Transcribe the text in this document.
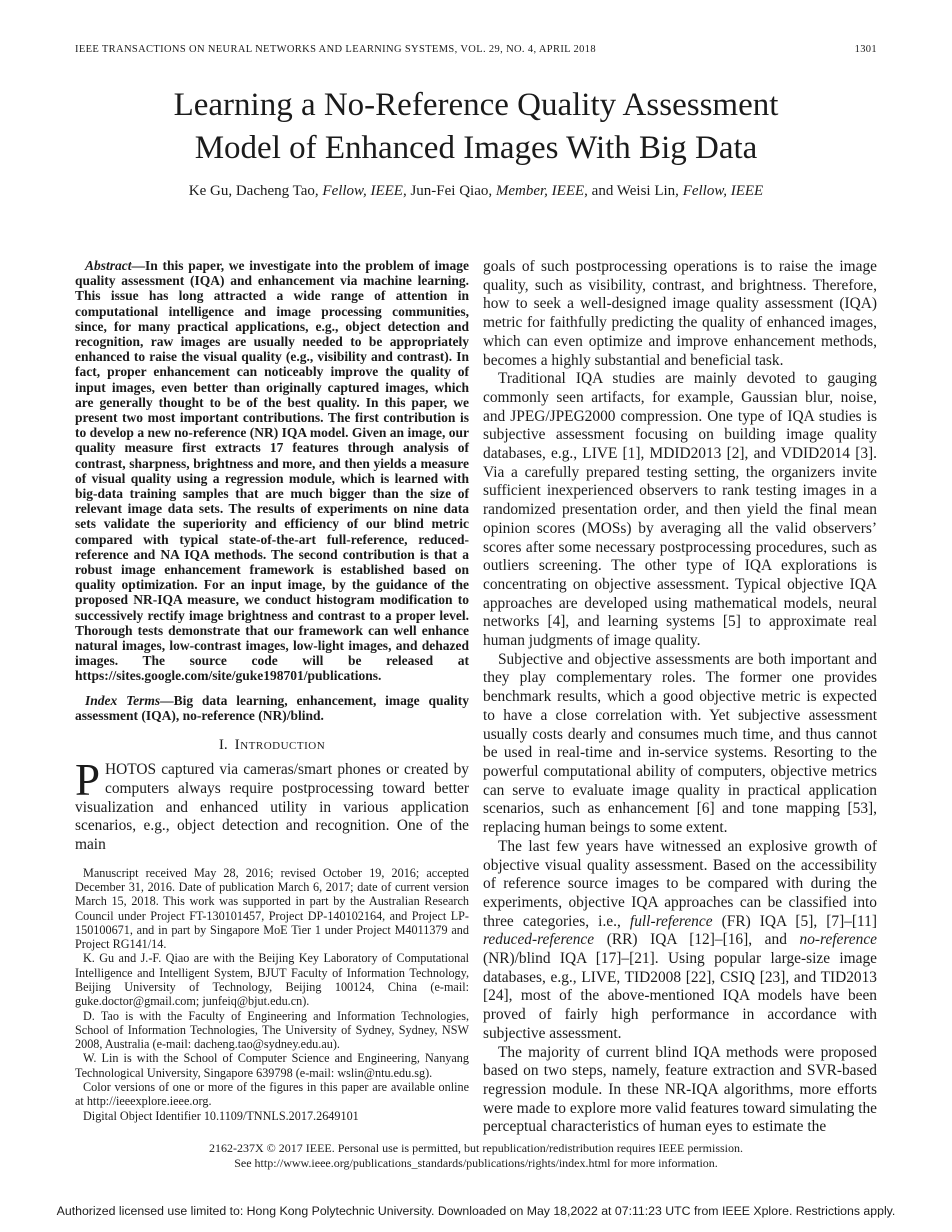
IEEE TRANSACTIONS ON NEURAL NETWORKS AND LEARNING SYSTEMS, VOL. 29, NO. 4, APRIL 2018	1301
Learning a No-Reference Quality Assessment
Model of Enhanced Images With Big Data
Ke Gu, Dacheng Tao, Fellow, IEEE, Jun-Fei Qiao, Member, IEEE, and Weisi Lin, Fellow, IEEE

Abstract—In this paper, we investigate into the problem of image quality assessment (IQA) and enhancement via machine learning. This issue has long attracted a wide range of attention in computational intelligence and image processing communities, since, for many practical applications, e.g., object detection and recognition, raw images are usually needed to be appropriately enhanced to raise the visual quality (e.g., visibility and contrast). In fact, proper enhancement can noticeably improve the quality of input images, even better than originally captured images, which are generally thought to be of the best quality. In this paper, we present two most important contributions. The first contribution is to develop a new no-reference (NR) IQA model. Given an image, our quality measure first extracts 17 features through analysis of contrast, sharpness, brightness and more, and then yields a measure of visual quality using a regression module, which is learned with big-data training samples that are much bigger than the size of relevant image data sets. The results of experiments on nine data sets validate the superiority and efficiency of our blind metric compared with typical state-of-the-art full-reference, reduced-reference and NA IQA methods. The second contribution is that a robust image enhancement framework is established based on quality optimization. For an input image, by the guidance of the proposed NR-IQA measure, we conduct histogram modification to successively rectify image brightness and contrast to a proper level. Thorough tests demonstrate that our framework can well enhance natural images, low-contrast images, low-light images, and dehazed images. The source code will be released at https://sites.google.com/site/guke198701/publications.

Index Terms—Big data learning, enhancement, image quality assessment (IQA), no-reference (NR)/blind.

I. Introduction

PHOTOS captured via cameras/smart phones or created by computers always require postprocessing toward better visualization and enhanced utility in various application scenarios, e.g., object detection and recognition. One of the main

Manuscript received May 28, 2016; revised October 19, 2016; accepted December 31, 2016. Date of publication March 6, 2017; date of current version March 15, 2018. This work was supported in part by the Australian Research Council under Project FT-130101457, Project DP-140102164, and Project LP-150100671, and in part by Singapore MoE Tier 1 under Project M4011379 and Project RG141/14.

K. Gu and J.-F. Qiao are with the Beijing Key Laboratory of Computational Intelligence and Intelligent System, BJUT Faculty of Information Technology, Beijing University of Technology, Beijing 100124, China (e-mail: guke.doctor@gmail.com; junfeiq@bjut.edu.cn).

D. Tao is with the Faculty of Engineering and Information Technologies, School of Information Technologies, The University of Sydney, Sydney, NSW 2008, Australia (e-mail: dacheng.tao@sydney.edu.au).

W. Lin is with the School of Computer Science and Engineering, Nanyang Technological University, Singapore 639798 (e-mail: wslin@ntu.edu.sg).

Color versions of one or more of the figures in this paper are available online at http://ieeexplore.ieee.org.

Digital Object Identifier 10.1109/TNNLS.2017.2649101

goals of such postprocessing operations is to raise the image quality, such as visibility, contrast, and brightness. Therefore, how to seek a well-designed image quality assessment (IQA) metric for faithfully predicting the quality of enhanced images, which can even optimize and improve enhancement methods, becomes a highly substantial and beneficial task.

Traditional IQA studies are mainly devoted to gauging commonly seen artifacts, for example, Gaussian blur, noise, and JPEG/JPEG2000 compression. One type of IQA studies is subjective assessment focusing on building image quality databases, e.g., LIVE [1], MDID2013 [2], and VDID2014 [3]. Via a carefully prepared testing setting, the organizers invite sufficient inexperienced observers to rank testing images in a randomized presentation order, and then yield the final mean opinion scores (MOSs) by averaging all the valid observers’ scores after some necessary postprocessing procedures, such as outliers screening. The other type of IQA explorations is concentrating on objective assessment. Typical objective IQA approaches are developed using mathematical models, neural networks [4], and learning systems [5] to approximate real human judgments of image quality.

Subjective and objective assessments are both important and they play complementary roles. The former one provides benchmark results, which a good objective metric is expected to have a close correlation with. Yet subjective assessment usually costs dearly and consumes much time, and thus cannot be used in real-time and in-service systems. Resorting to the powerful computational ability of computers, objective metrics can serve to evaluate image quality in practical application scenarios, such as enhancement [6] and tone mapping [53], replacing human beings to some extent.

The last few years have witnessed an explosive growth of objective visual quality assessment. Based on the accessibility of reference source images to be compared with during the experiments, objective IQA approaches can be classified into three categories, i.e., full-reference (FR) IQA [5], [7]–[11] reduced-reference (RR) IQA [12]–[16], and no-reference (NR)/blind IQA [17]–[21]. Using popular large-size image databases, e.g., LIVE, TID2008 [22], CSIQ [23], and TID2013 [24], most of the above-mentioned IQA models have been proved of fairly high performance in accordance with subjective assessment.

The majority of current blind IQA methods were proposed based on two steps, namely, feature extraction and SVR-based regression module. In these NR-IQA algorithms, more efforts were made to explore more valid features toward simulating the perceptual characteristics of human eyes to estimate the

2162-237X © 2017 IEEE. Personal use is permitted, but republication/redistribution requires IEEE permission.
See http://www.ieee.org/publications_standards/publications/rights/index.html for more information.
Authorized licensed use limited to: Hong Kong Polytechnic University. Downloaded on May 18,2022 at 07:11:23 UTC from IEEE Xplore. Restrictions apply.
